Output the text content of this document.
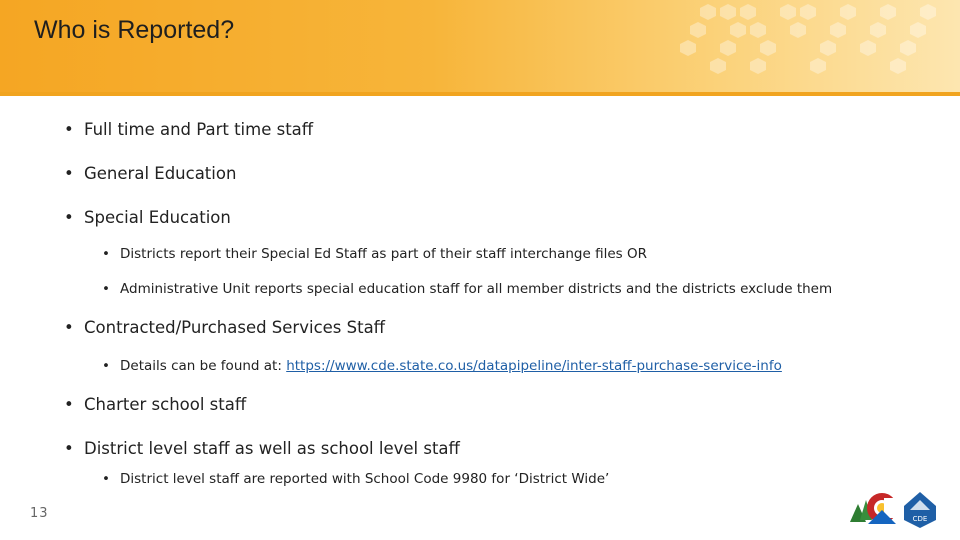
Who is Reported?
• Full time and Part time staff
• General Education
• Special Education
• Districts report their Special Ed Staff as part of their staff interchange files OR
• Administrative Unit reports special education staff for all member districts and the districts exclude them
• Contracted/Purchased Services Staff
• Details can be found at: https://www.cde.state.co.us/datapipeline/inter-staff-purchase-service-info
• Charter school staff
• District level staff as well as school level staff
• District level staff are reported with School Code 9980 for ‘District Wide’
13	CDE
